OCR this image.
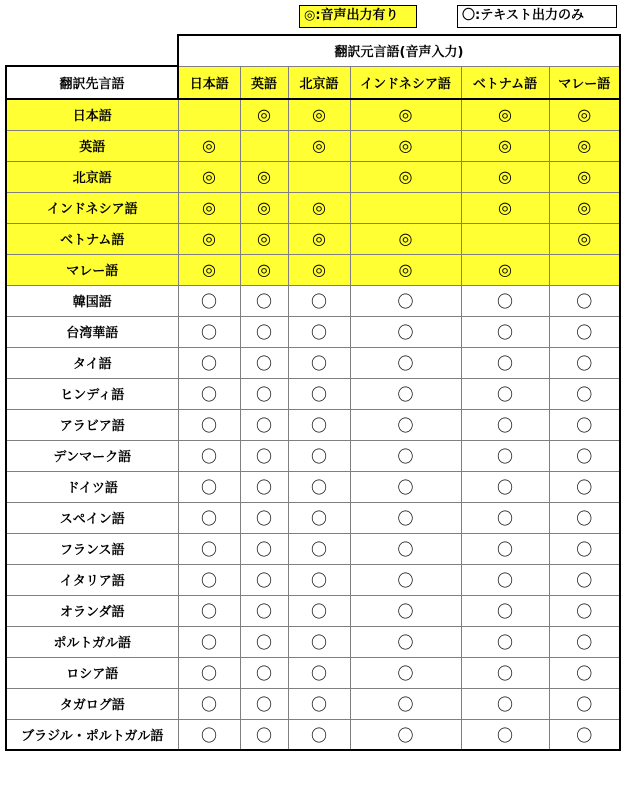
◎:音声出力有り	〇:テキスト出力のみ
	翻訳元言語(音声入力)					
翻訳先言語	日本語	英語	北京語	インドネシア語	ベトナム語	マレー語
日本語		◎	◎	◎	◎	◎
英語	◎		◎	◎	◎	◎
北京語	◎	◎		◎	◎	◎
インドネシア語	◎	◎	◎		◎	◎
ベトナム語	◎	◎	◎	◎		◎
マレー語	◎	◎	◎	◎	◎	
韓国語	〇	〇	〇	〇	〇	〇
台湾華語	〇	〇	〇	〇	〇	〇
タイ語	〇	〇	〇	〇	〇	〇
ヒンディ語	〇	〇	〇	〇	〇	〇
アラビア語	〇	〇	〇	〇	〇	〇
デンマーク語	〇	〇	〇	〇	〇	〇
ドイツ語	〇	〇	〇	〇	〇	〇
スペイン語	〇	〇	〇	〇	〇	〇
フランス語	〇	〇	〇	〇	〇	〇
イタリア語	〇	〇	〇	〇	〇	〇
オランダ語	〇	〇	〇	〇	〇	〇
ポルトガル語	〇	〇	〇	〇	〇	〇
ロシア語	〇	〇	〇	〇	〇	〇
タガログ語	〇	〇	〇	〇	〇	〇
ブラジル・ポルトガル語	〇	〇	〇	〇	〇	〇
